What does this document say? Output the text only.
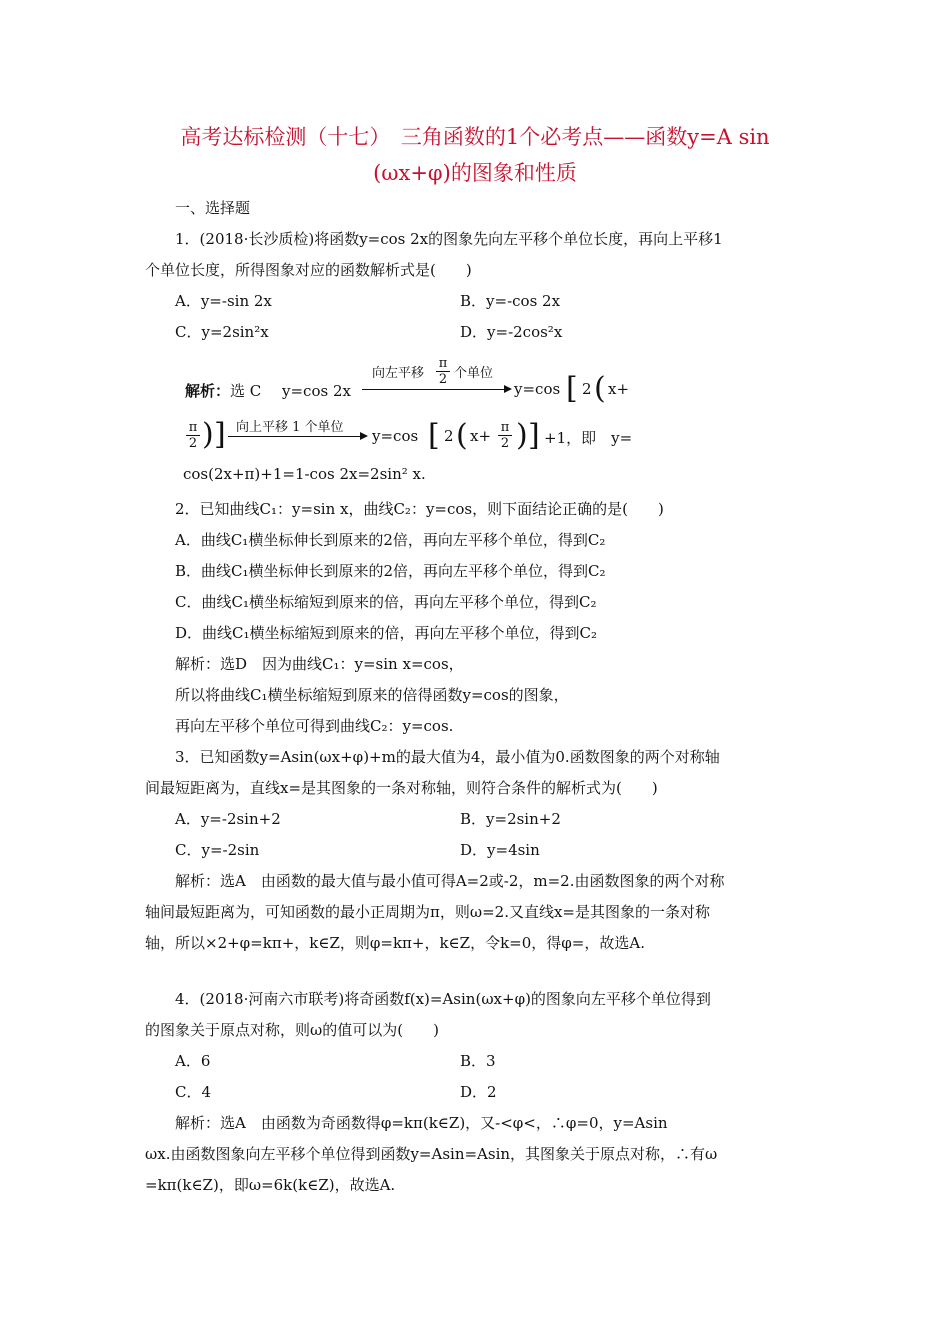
高考达标检测（十七）　三角函数的1个必考点——函数y=A sin
(ωx+φ)的图象和性质
一、选择题
1．(2018·长沙质检)将函数y=cos 2x的图象先向左平移个单位长度，再向上平移1
个单位长度，所得图象对应的函数解析式是(　　)
A．y=-sin 2x	B．y=-cos 2x
C．y=2sin²x	D．y=-2cos²x
解析： 选 C y=cos 2x
向左平移 $\frac{\pi}{2}$ 个单位
y=cos [ 2 ( x+
$\frac{\pi}{2}$ ) ] 向上平移 1 个单位 y=cos [ 2 ( $x+ \frac{\pi}{2}$ ) ] +1，即　y=
cos(2x+π)+1=1-cos 2x=2sin² x.
2．已知曲线C₁：y=sin x，曲线C₂：y=cos，则下面结论正确的是(　　)
A．曲线C₁横坐标伸长到原来的2倍，再向左平移个单位，得到C₂
B．曲线C₁横坐标伸长到原来的2倍，再向左平移个单位，得到C₂
C．曲线C₁横坐标缩短到原来的倍，再向左平移个单位，得到C₂
D．曲线C₁横坐标缩短到原来的倍，再向左平移个单位，得到C₂
解析：选D　因为曲线C₁：y=sin x=cos，
所以将曲线C₁横坐标缩短到原来的倍得函数y=cos的图象，
再向左平移个单位可得到曲线C₂：y=cos.
3．已知函数y=Asin(ωx+φ)+m的最大值为4，最小值为0.函数图象的两个对称轴
间最短距离为，直线x=是其图象的一条对称轴，则符合条件的解析式为(　　)
A．y=-2sin+2	B．y=2sin+2
C．y=-2sin	D．y=4sin
解析：选A　由函数的最大值与最小值可得A=2或-2，m=2.由函数图象的两个对称
轴间最短距离为，可知函数的最小正周期为π，则ω=2.又直线x=是其图象的一条对称
轴，所以×2+φ=kπ+，k∈Z，则φ=kπ+，k∈Z，令k=0，得φ=，故选A.
4．(2018·河南六市联考)将奇函数f(x)=Asin(ωx+φ)的图象向左平移个单位得到
的图象关于原点对称，则ω的值可以为(　　)
A．6	B．3
C．4	D．2
解析：选A　由函数为奇函数得φ=kπ(k∈Z)，又-<φ<，∴φ=0，y=Asin
ωx.由函数图象向左平移个单位得到函数y=Asin=Asin，其图象关于原点对称，∴有ω
=kπ(k∈Z)，即ω=6k(k∈Z)，故选A.
